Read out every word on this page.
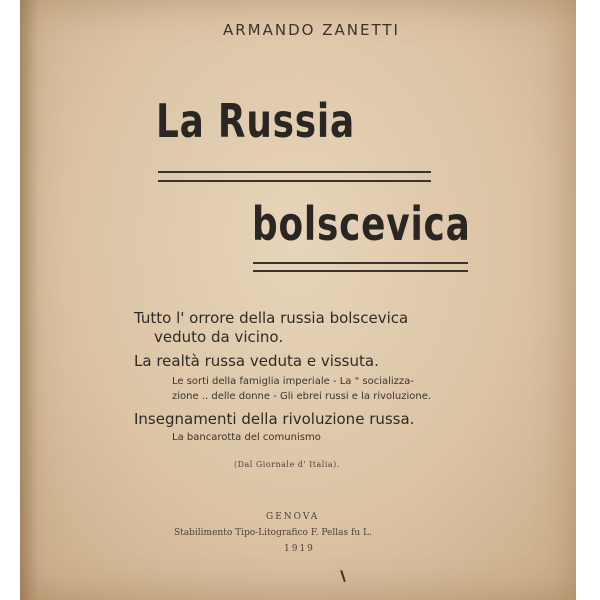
ARMANDO ZANETTI
La Russia
bolscevica
Tutto l' orrore della russia bolscevica
veduto da vicino.
La realtà russa veduta e vissuta.
Le sorti della famiglia imperiale - La " socializza-
zione .. delle donne - Gli ebrei russi e la rivoluzione.
Insegnamenti della rivoluzione russa.
La bancarotta del comunismo
(Dal Giornale d' Italia).
GENOVA
Stabilimento Tipo-Litografico F. Pellas fu L.
1919
